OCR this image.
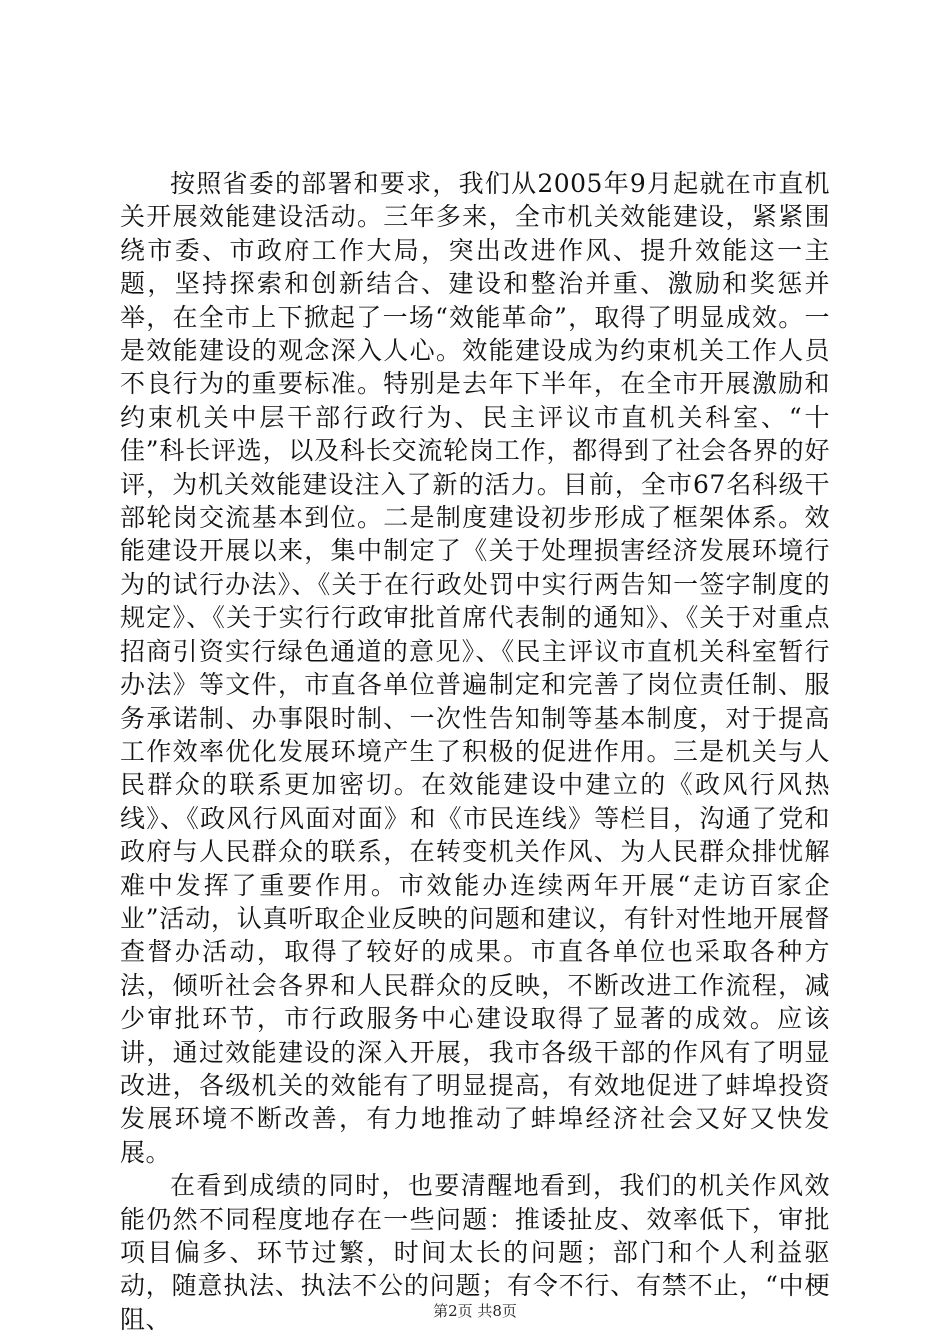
按照省委的部署和要求，我们从2005年9月起就在市直机关开展效能建设活动。三年多来，全市机关效能建设，紧紧围绕市委、市政府工作大局，突出改进作风、提升效能这一主题，坚持探索和创新结合、建设和整治并重、激励和奖惩并举，在全市上下掀起了一场“效能革命”，取得了明显成效。一是效能建设的观念深入人心。效能建设成为约束机关工作人员不良行为的重要标准。特别是去年下半年，在全市开展激励和约束机关中层干部行政行为、民主评议市直机关科室、“十佳”科长评选，以及科长交流轮岗工作，都得到了社会各界的好评，为机关效能建设注入了新的活力。目前，全市67名科级干部轮岗交流基本到位。二是制度建设初步形成了框架体系。效能建设开展以来，集中制定了《关于处理损害经济发展环境行为的试行办法》、《关于在行政处罚中实行两告知一签字制度的规定》、《关于实行行政审批首席代表制的通知》、《关于对重点招商引资实行绿色通道的意见》、《民主评议市直机关科室暂行办法》等文件，市直各单位普遍制定和完善了岗位责任制、服务承诺制、办事限时制、一次性告知制等基本制度，对于提高工作效率优化发展环境产生了积极的促进作用。三是机关与人民群众的联系更加密切。在效能建设中建立的《政风行风热线》、《政风行风面对面》和《市民连线》等栏目，沟通了党和政府与人民群众的联系，在转变机关作风、为人民群众排忧解难中发挥了重要作用。市效能办连续两年开展“走访百家企业”活动，认真听取企业反映的问题和建议，有针对性地开展督查督办活动，取得了较好的成果。市直各单位也采取各种方法，倾听社会各界和人民群众的反映，不断改进工作流程，减少审批环节，市行政服务中心建设取得了显著的成效。应该讲，通过效能建设的深入开展，我市各级干部的作风有了明显改进，各级机关的效能有了明显提高，有效地促进了蚌埠投资发展环境不断改善，有力地推动了蚌埠经济社会又好又快发展。

在看到成绩的同时，也要清醒地看到，我们的机关作风效能仍然不同程度地存在一些问题：推诿扯皮、效率低下，审批项目偏多、环节过繁，时间太长的问题；部门和个人利益驱动，随意执法、执法不公的问题；有令不行、有禁不止，“中梗阻、	第2页 共8页
